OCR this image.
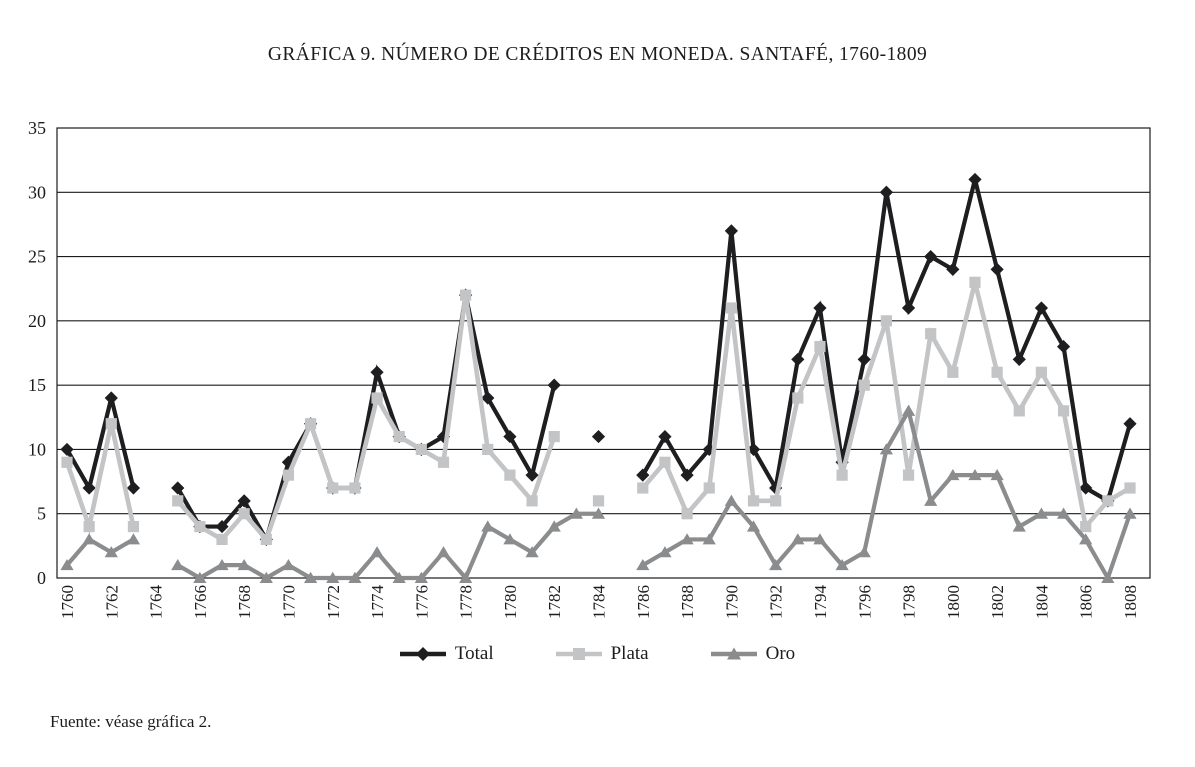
GRÁFICA 9. NÚMERO DE CRÉDITOS EN MONEDA. SANTAFÉ, 1760-1809
0
5
10
15
20
25
30
35
1760 1762 1764 1766 1768 1770 1772 1774 1776 1778 1780 1782 1784 1786 1788 1790 1792 1794 1796 1798 1800 1802 1804 1806 1808
Total	Plata	Oro
Fuente: véase gráfica 2.
